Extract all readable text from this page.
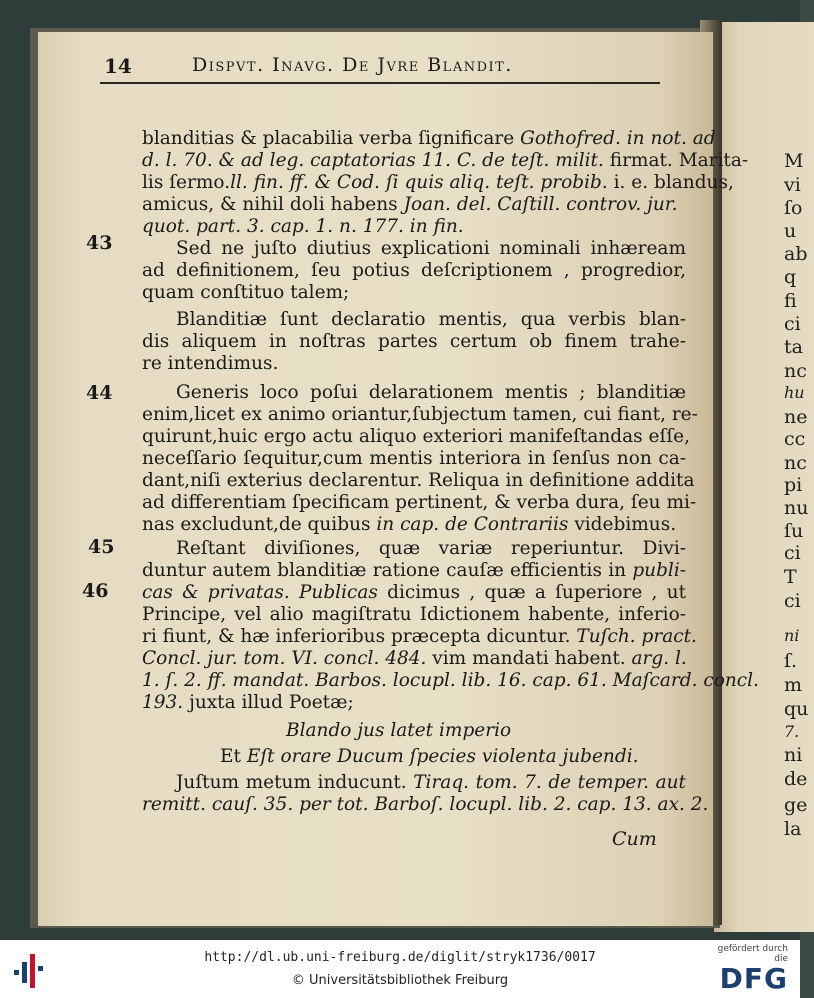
M
vi
ſo
u
ab
q
fi
ci
ta
nc
hu
ne
cc
nc
pi
nu
ſu
ci
T
ci
ni
ſ.
m
qu
7.
ni
de
ge
la
14	Dispvt. Inavg. De Jvre Blandit.
blanditias & placabilia verba ſignificare Gothofred. in not. ad
d. l. 70. & ad leg. captatorias 11. C. de teſt. milit. firmat. Marita-
lis ſermo.ll. fin. ff. & Cod. ſi quis aliq. teſt. probib. i. e. blandus,
amicus, & nihil doli habens Joan. del. Caſtill. controv. jur.
quot. part. 3. cap. 1. n. 177. in fin.
Sed ne juſto diutius explicationi nominali inhæream
ad definitionem, ſeu potius deſcriptionem , progredior,
quam conſtituo talem;
Blanditiæ ſunt declaratio mentis, qua verbis blan-
dis aliquem in noſtras partes certum ob finem trahe-
re intendimus.
Generis loco poſui delarationem mentis ; blanditiæ
enim,licet ex animo oriantur,ſubjectum tamen, cui fiant, re-
quirunt,huic ergo actu aliquo exteriori manifeſtandas eſſe,
neceſſario ſequitur,cum mentis interiora in ſenſus non ca-
dant,niſi exterius declarentur. Reliqua in definitione addita
ad differentiam ſpecificam pertinent, & verba dura, ſeu mi-
nas excludunt,de quibus in cap. de Contrariis videbimus.
Reſtant diviſiones, quæ variæ reperiuntur. Divi-
duntur autem blanditiæ ratione cauſæ efficientis in publi-
cas & privatas. Publicas dicimus , quæ a ſuperiore , ut
Principe, vel alio magiſtratu Idictionem habente, inferio-
ri fiunt, & hæ inferioribus præcepta dicuntur. Tuſch. pract.
Concl. jur. tom. VI. concl. 484. vim mandati habent. arg. l.
1. ſ. 2. ff. mandat. Barbos. locupl. lib. 16. cap. 61. Maſcard. concl.
193. juxta illud Poetæ;
Blando jus latet imperio
Et Eſt orare Ducum ſpecies violenta jubendi.
Juſtum metum inducunt. Tiraq. tom. 7. de temper. aut
remitt. cauſ. 35. per tot. Barboſ. locupl. lib. 2. cap. 13. ax. 2.
43
44
45
46
Cum
http://dl.ub.uni-freiburg.de/diglit/stryk1736/0017
© Universitätsbibliothek Freiburg
gefördert durch die
DFG
